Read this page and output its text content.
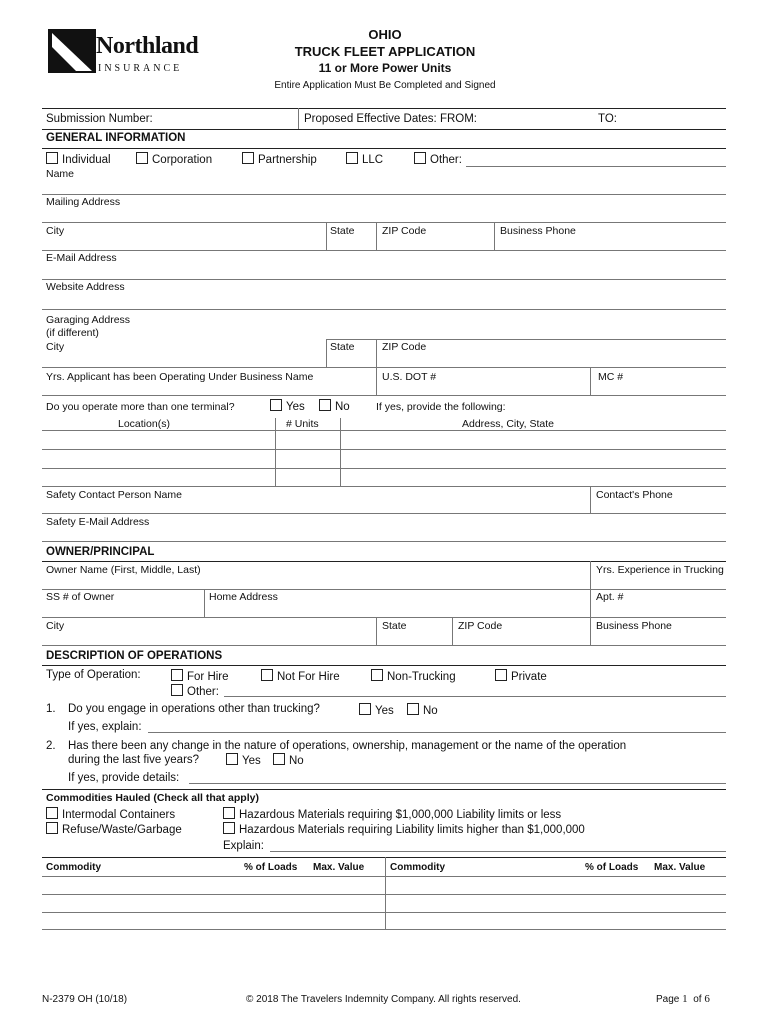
Northland
INSURANCE
OHIO
TRUCK FLEET APPLICATION
11 or More Power Units
Entire Application Must Be Completed and Signed
Submission Number:	Proposed Effective Dates: FROM:	TO:
GENERAL INFORMATION
Individual	Corporation	Partnership	LLC	Other:
Name
Mailing Address
City	State	ZIP Code	Business Phone
E-Mail Address
Website Address
Garaging Address
(if different)
City	State	ZIP Code
Yrs. Applicant has been Operating Under Business Name	U.S. DOT #	MC #
Do you operate more than one terminal?	Yes	No	If yes, provide the following:
Location(s)	# Units	Address, City, State
Safety Contact Person Name	Contact's Phone
Safety E-Mail Address
OWNER/PRINCIPAL
Owner Name (First, Middle, Last)	Yrs. Experience in Trucking
SS # of Owner	Home Address	Apt. #
City	State	ZIP Code	Business Phone
DESCRIPTION OF OPERATIONS
Type of Operation:	For Hire	Not For Hire	Non-Trucking	Private
Other:
1. Do you engage in operations other than trucking?	Yes	No
If yes, explain:
2. Has there been any change in the nature of operations, ownership, management or the name of the operation
during the last five years?	Yes	No
If yes, provide details:
Commodities Hauled (Check all that apply)
Intermodal Containers
Refuse/Waste/Garbage
Hazardous Materials requiring $1,000,000 Liability limits or less
Hazardous Materials requiring Liability limits higher than $1,000,000
Explain:
Commodity	% of Loads Max. Value	Commodity	% of Loads Max. Value
N-2379 OH (10/18)	© 2018 The Travelers Indemnity Company. All rights reserved.	Page 1 of 6
